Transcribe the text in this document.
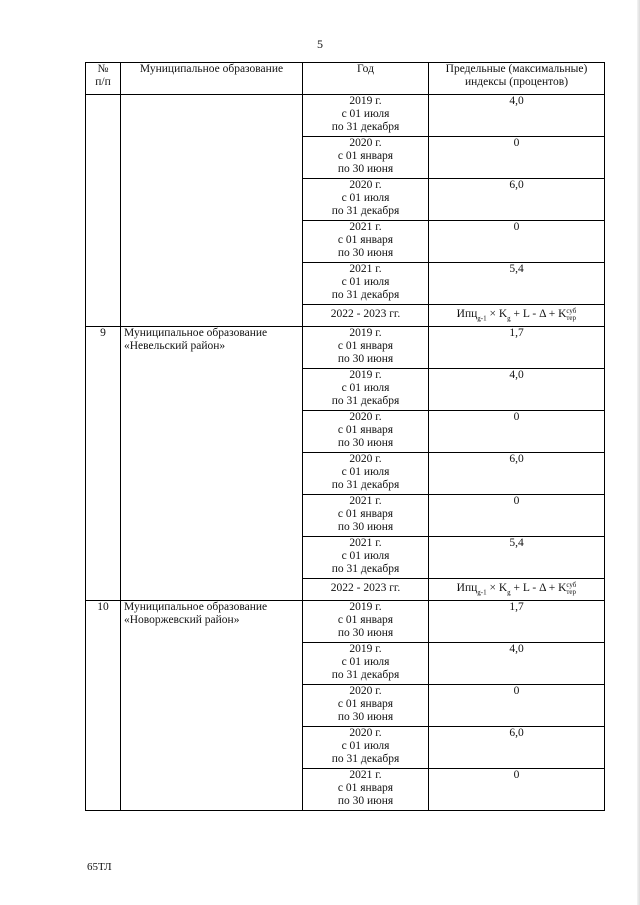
5
№
п/п	Муниципальное образование	Год	Предельные (максимальные) индексы (процентов)
		2019 г.
с 01 июля
по 31 декабря	4,0
		2020 г.
с 01 января
по 30 июня	0
		2020 г.
с 01 июля
по 31 декабря	6,0
		2021 г.
с 01 января
по 30 июня	0
		2021 г.
с 01 июля
по 31 декабря	5,4
		2022 - 2023 гг.	$Ипц_{g-1} \times K_g + L - \Delta$ + Kсуб
тер
9	Муниципальное образование «Невельский район»	2019 г.
с 01 января
по 30 июня	1,7
		2019 г.
с 01 июля
по 31 декабря	4,0
		2020 г.
с 01 января
по 30 июня	0
		2020 г.
с 01 июля
по 31 декабря	6,0
		2021 г.
с 01 января
по 30 июня	0
		2021 г.
с 01 июля
по 31 декабря	5,4
		2022 - 2023 гг.	$Ипц_{g-1} \times K_g + L - \Delta$ + Kсуб
тер
10	Муниципальное образование «Новоржевский район»	2019 г.
с 01 января
по 30 июня	1,7
		2019 г.
с 01 июля
по 31 декабря	4,0
		2020 г.
с 01 января
по 30 июня	0
		2020 г.
с 01 июля
по 31 декабря	6,0
		2021 г.
с 01 января
по 30 июня	0
65ТЛ
